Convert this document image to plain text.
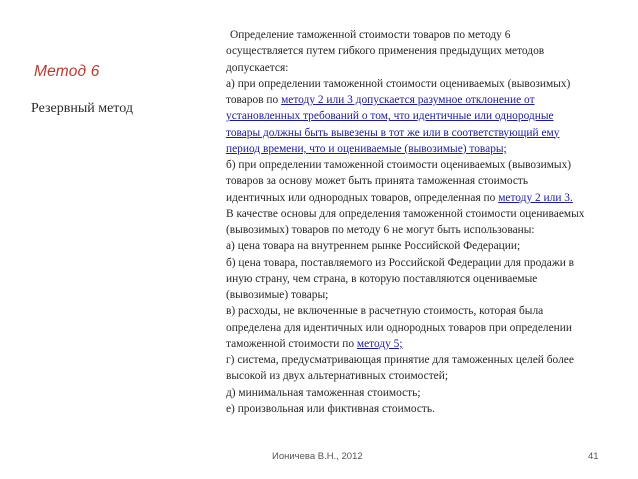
Метод 6
Резервный метод
Определение таможенной стоимости товаров по методу 6
осуществляется путем гибкого применения предыдущих методов
допускается:
а) при определении таможенной стоимости оцениваемых (вывозимых)
товаров по методу 2 или 3 допускается разумное отклонение от
установленных требований о том, что идентичные или однородные
товары должны быть вывезены в тот же или в соответствующий ему
период времени, что и оцениваемые (вывозимые) товары;
б) при определении таможенной стоимости оцениваемых (вывозимых)
товаров за основу может быть принята таможенная стоимость
идентичных или однородных товаров, определенная по методу 2 или 3.
В качестве основы для определения таможенной стоимости оцениваемых
(вывозимых) товаров по методу 6 не могут быть использованы:
а) цена товара на внутреннем рынке Российской Федерации;
б) цена товара, поставляемого из Российской Федерации для продажи в
иную страну, чем страна, в которую поставляются оцениваемые
(вывозимые) товары;
в) расходы, не включенные в расчетную стоимость, которая была
определена для идентичных или однородных товаров при определении
таможенной стоимости по методу 5;
г) система, предусматривающая принятие для таможенных целей более
высокой из двух альтернативных стоимостей;
д) минимальная таможенная стоимость;
е) произвольная или фиктивная стоимость.
Ионичева В.Н., 2012	41
